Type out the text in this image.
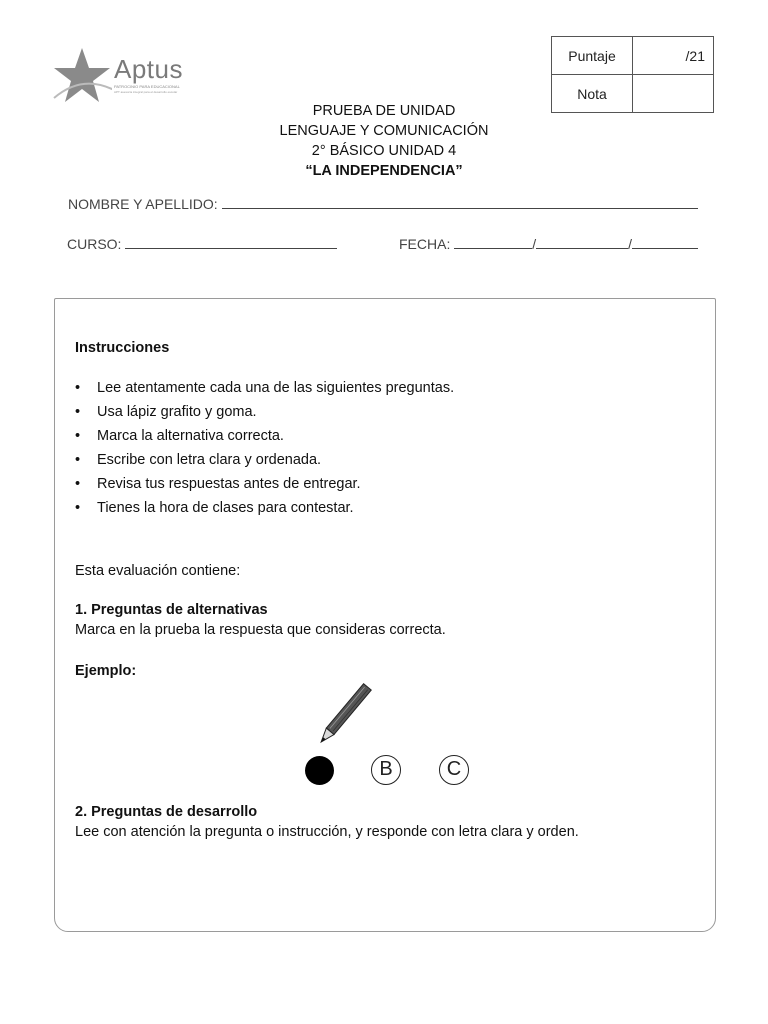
Aptus
PATROCINIO PARA EDUCACIONAL
APT asesoría integral para el desarrollo escolar
Puntaje	/21
Nota	
PRUEBA DE UNIDAD
LENGUAJE Y COMUNICACIÓN
2° BÁSICO UNIDAD 4
“LA INDEPENDENCIA”
NOMBRE Y APELLIDO:
CURSO:	FECHA:	/	/
Instrucciones
• Lee atentamente cada una de las siguientes preguntas.
• Usa lápiz grafito y goma.
• Marca la alternativa correcta.
• Escribe con letra clara y ordenada.
• Revisa tus respuestas antes de entregar.
• Tienes la hora de clases para contestar.
Esta evaluación contiene:
1. Preguntas de alternativas
Marca en la prueba la respuesta que consideras correcta.
Ejemplo:
B	C
2. Preguntas de desarrollo
Lee con atención la pregunta o instrucción, y responde con letra clara y orden.
